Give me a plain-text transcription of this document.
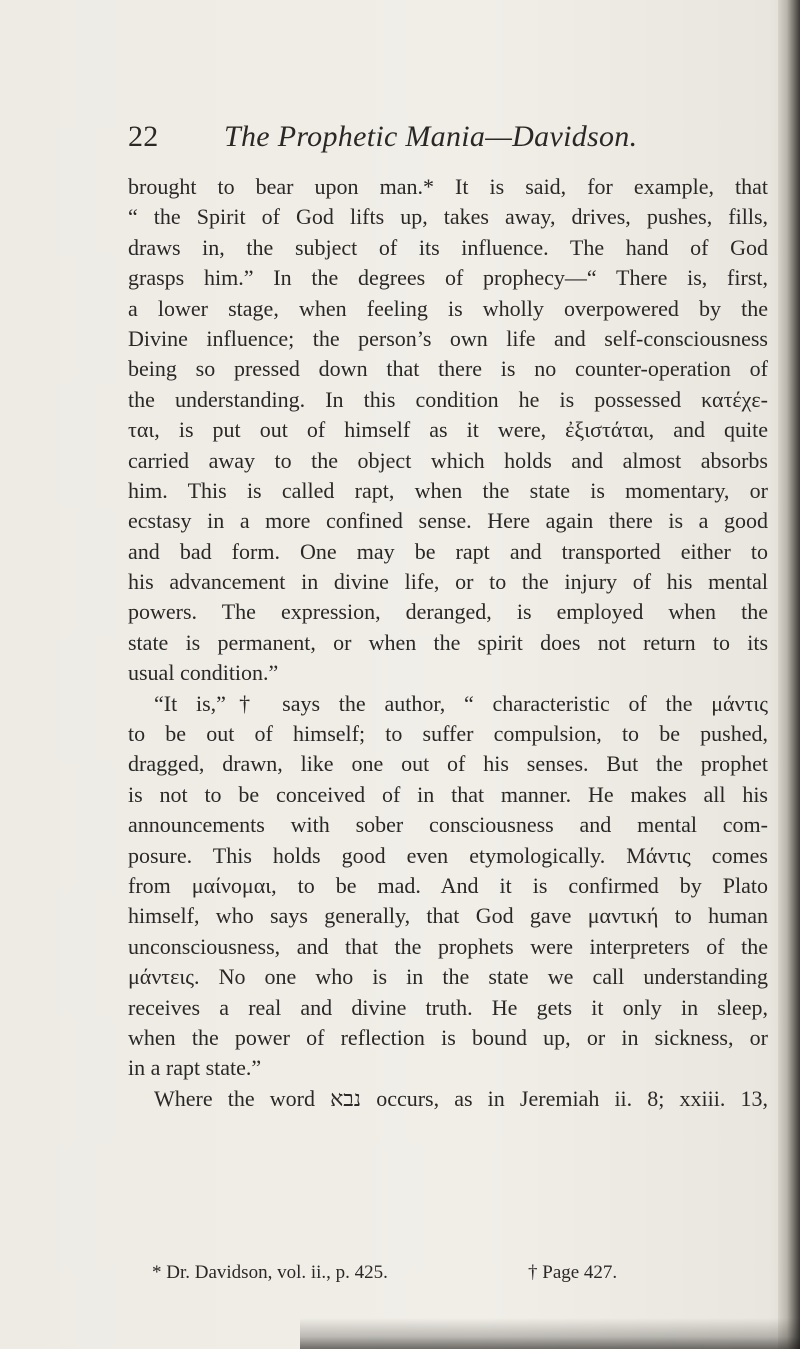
22 The Prophetic Mania—Davidson.
brought to bear upon man.* It is said, for example, that
“ the Spirit of God lifts up, takes away, drives, pushes, fills,
draws in, the subject of its influence. The hand of God
grasps him.” In the degrees of prophecy—“ There is, first,
a lower stage, when feeling is wholly overpowered by the
Divine influence; the person’s own life and self-consciousness
being so pressed down that there is no counter-operation of
the understanding. In this condition he is possessed κατέχε-
ται, is put out of himself as it were, ἐξιστάται, and quite
carried away to the object which holds and almost absorbs
him. This is called rapt, when the state is momentary, or
ecstasy in a more confined sense. Here again there is a good
and bad form. One may be rapt and transported either to
his advancement in divine life, or to the injury of his mental
powers. The expression, deranged, is employed when the
state is permanent, or when the spirit does not return to its
usual condition.”
“It is,”† says the author, “ characteristic of the μάντις
to be out of himself; to suffer compulsion, to be pushed,
dragged, drawn, like one out of his senses. But the prophet
is not to be conceived of in that manner. He makes all his
announcements with sober consciousness and mental com-
posure. This holds good even etymologically. Μάντις comes
from μαίνομαι, to be mad. And it is confirmed by Plato
himself, who says generally, that God gave μαντική to human
unconsciousness, and that the prophets were interpreters of the
μάντεις. No one who is in the state we call understanding
receives a real and divine truth. He gets it only in sleep,
when the power of reflection is bound up, or in sickness, or
in a rapt state.”
Where the word נבא occurs, as in Jeremiah ii. 8; xxiii. 13,
* Dr. Davidson, vol. ii., p. 425.	† Page 427.
